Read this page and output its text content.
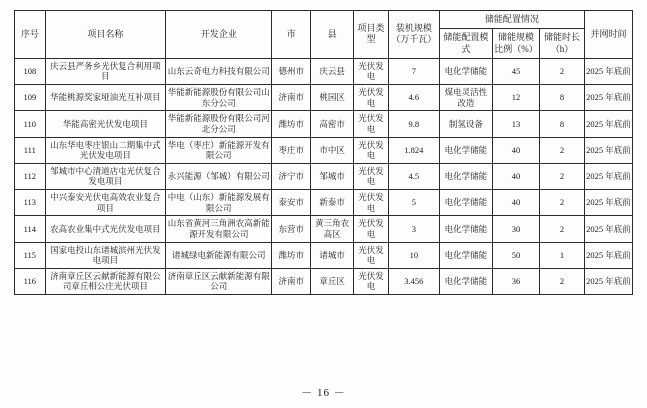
序号	项目名称	开发企业	市	县	项目类型	装机规模（万千瓦）	储能配置情况			并网时间
							储能配置模式	储能规模比例（%）	储能时长（h）	
108	庆云县严务乡光伏复合利用项目	山东云奇电力科技有限公司	德州市	庆云县	光伏发电	7	电化学储能	45	2	2025 年底前
109	华能桃源奖家垭油光互补项目	华能新能源股份有限公司山东分公司	济南市	桃园区	光伏发电	4.6	煤电灵活性改造	12	8	2025 年底前
110	华能高密光伏发电项目	华能新能源股份有限公司河北分公司	潍坊市	高密市	光伏发电	9.8	制氢设备	13	8	2025 年底前
111	山东华电枣庄银山二期集中式光伏发电项目	华电（枣庄）新能源开发有限公司	枣庄市	市中区	光伏发电	1.824	电化学储能	40	2	2025 年底前
112	邹城市中心清道店屯光伏复合发电项目	永兴能源（邹城）有限公司	济宁市	邹城市	光伏发电	4.5	电化学储能	40	2	2025 年底前
113	中兴泰安光伏电高效农业复合项目	中电（山东）新能源发展有限公司	泰安市	新泰市	光伏发电	5	电化学储能	40	2	2025 年底前
114	农高农业集中式光伏发电项目	山东省黄河三角洲农高新能源开发有限公司	东营市	黄三角农高区	光伏发电	3	电化学储能	30	2	2025 年底前
115	国家电投山东诸城滨州光伏发电项目	诸城绿电新能源有限公司	潍坊市	诸城市	光伏发电	10	电化学储能	50	1	2025 年底前
116	济南章丘区云献新能源有限公司章丘相公庄光伏项目	济南章丘区云献新能源有限公司	济南市	章丘区	光伏发电	3.456	电化学储能	36	2	2025 年底前
－ 16 －
